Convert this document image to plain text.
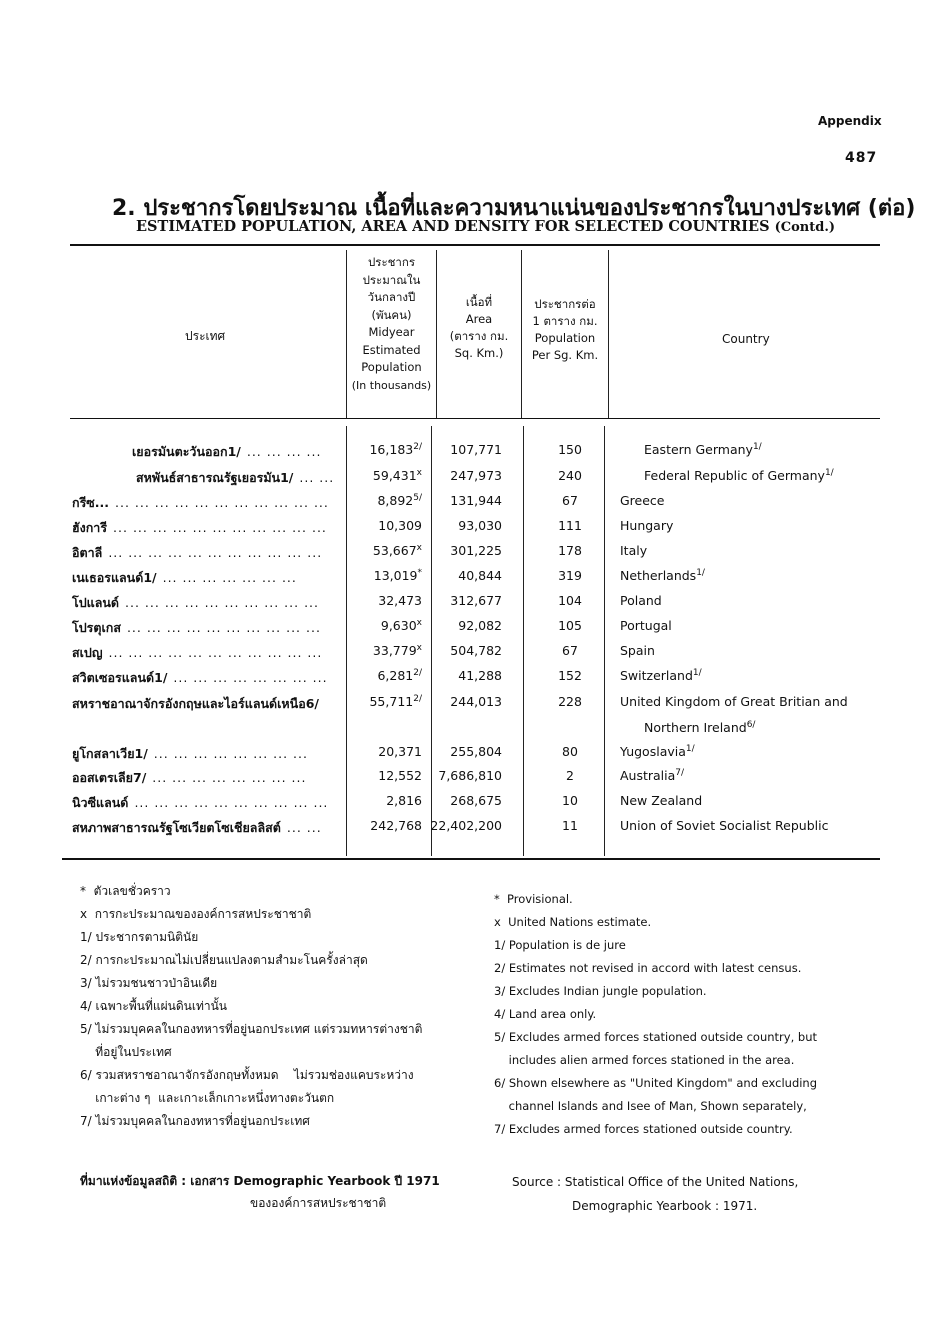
Appendix
487
2. ประชากรโดยประมาณ เนื้อที่และความหนาแน่นของประชากรในบางประเทศ (ต่อ)
ESTIMATED POPULATION, AREA AND DENSITY FOR SELECTED COUNTRIES (Contd.)
ประเทศ
ประชากร
ประมาณใน
วันกลางปี
(พันคน)
Midyear
Estimated
Population
(In thousands)
เนื้อที่
Area
(ตาราง กม.
Sq. Km.)
ประชากรต่อ
1 ตาราง กม.
Population
Per Sg. Km.
Country
เยอรมันตะวันออก1/ ... ... ... ...	$16,183^{2/}$	107,771	150	Eastern Germany$^{1/}$
สหพันธ์สาธารณรัฐเยอรมัน1/ ... ...	59,431$^x$	247,973	240	Federal Republic of Germany$^{1/}$
กรีซ... ... ... ... ... ... ... ... ... ... ... ...	$8,892^{5/}$	131,944	67	Greece
ฮังการี ... ... ... ... ... ... ... ... ... ... ...	10,309	93,030	111	Hungary
อิตาลี ... ... ... ... ... ... ... ... ... ... ...	53,667$^x$	301,225	178	Italy
เนเธอรแลนด์1/ ... ... ... ... ... ... ...	13,019*	40,844	319	Netherlands$^{1/}$
โปแลนด์ ... ... ... ... ... ... ... ... ... ...	32,473	312,677	104	Poland
โปรตุเกส ... ... ... ... ... ... ... ... ... ...	9,630$^x$	92,082	105	Portugal
สเปญ ... ... ... ... ... ... ... ... ... ... ...	33,779$^x$	504,782	67	Spain
สวิตเซอรแลนด์1/ ... ... ... ... ... ... ... ...	$6,281^{2/}$	41,288	152	Switzerland$^{1/}$
สหราชอาณาจักรอังกฤษและไอร์แลนด์เหนือ6/	$55,711^{2/}$	244,013	228	United Kingdom of Great Britian and
Northern Ireland$^{6/}$
ยูโกสลาเวีย1/ ... ... ... ... ... ... ... ...	20,371	255,804	80	Yugoslavia$^{1/}$
ออสเตรเลีย7/ ... ... ... ... ... ... ... ...	12,552	7,686,810	2	Australia$^{7/}$
นิวซีแลนด์ ... ... ... ... ... ... ... ... ... ...	2,816	268,675	10	New Zealand
สหภาพสาธารณรัฐโซเวียตโซเชียลลิสต์ ... ...	242,768 22,402,200	11	Union of Soviet Socialist Republic
*  ตัวเลขชั่วคราว
x  การกะประมาณขององค์การสหประชาชาติ
1/ ประชากรตามนิตินัย
2/ การกะประมาณไม่เปลี่ยนแปลงตามสำมะโนครั้งล่าสุด
3/ ไม่รวมชนชาวป่าอินเดีย
4/ เฉพาะพื้นที่แผ่นดินเท่านั้น
5/ ไม่รวมบุคคลในกองทหารที่อยู่นอกประเทศ แต่รวมทหารต่างชาติ
ที่อยู่ในประเทศ
6/ รวมสหราชอาณาจักรอังกฤษทั้งหมด    ไม่รวมช่องแคบระหว่าง
เกาะต่าง ๆ  และเกาะเล็กเกาะหนึ่งทางตะวันตก
7/ ไม่รวมบุคคลในกองทหารที่อยู่นอกประเทศ
*  Provisional.
x  United Nations estimate.
1/ Population is de jure
2/ Estimates not revised in accord with latest census.
3/ Excludes Indian jungle population.
4/ Land area only.
5/ Excludes armed forces stationed outside country, but
includes alien armed forces stationed in the area.
6/ Shown elsewhere as "United Kingdom" and excluding
channel Islands and Isee of Man, Shown separately,
7/ Excludes armed forces stationed outside country.
ที่มาแห่งข้อมูลสถิติ : เอกสาร Demographic Yearbook ปี 1971
ขององค์การสหประชาชาติ
Source : Statistical Office of the United Nations,
Demographic Yearbook : 1971.
